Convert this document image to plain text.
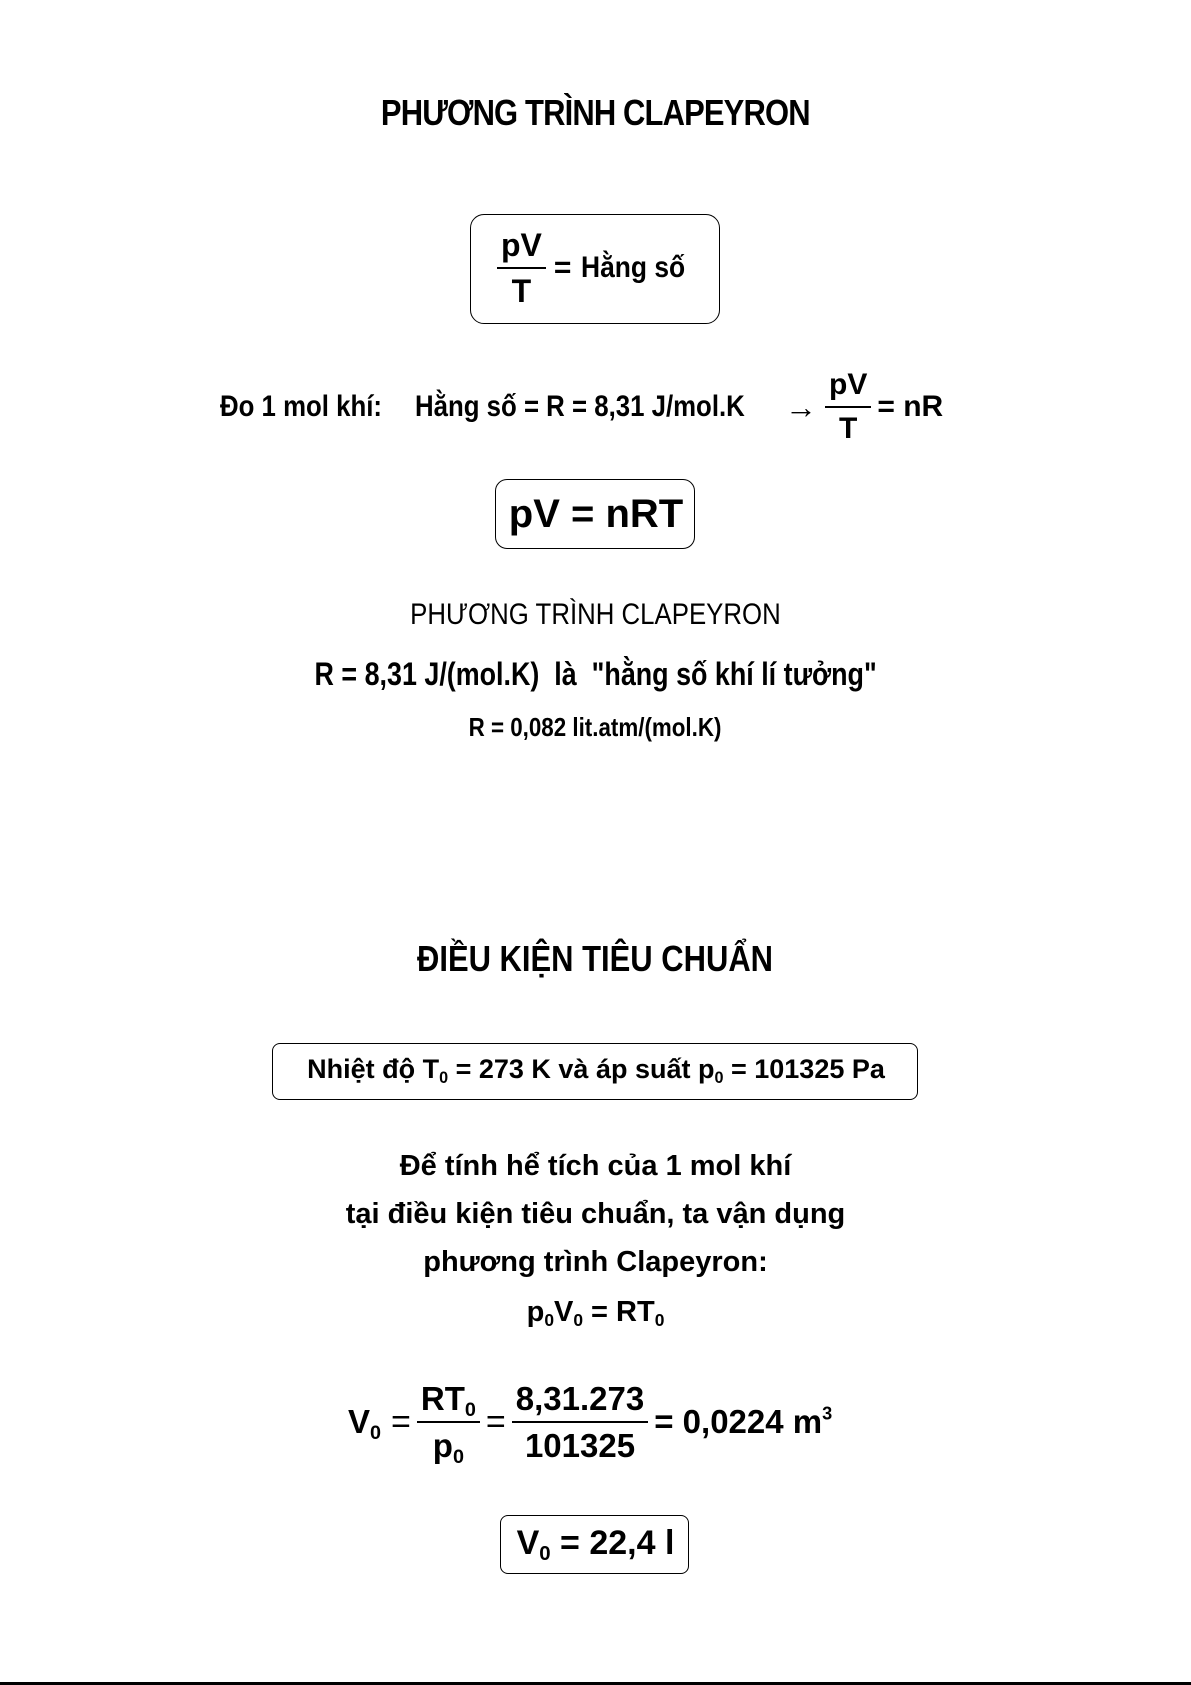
PHƯƠNG TRÌNH CLAPEYRON
$\frac{pV}{T}$ = Hằng số
Đo 1 mol khí: Hằng số = R = 8,31 $J/mol.K \to \frac{pV}{T}$ = nR
pV = nRT
PHƯƠNG TRÌNH CLAPEYRON
R = 8,31 J/(mol.K)  là  "hằng số khí lí tưởng"
R = 0,082 lit.atm/(mol.K)
ĐIỀU KIỆN TIÊU CHUẨN
Nhiệt độ $T_0 = 273$ K và áp suất $p_0 = 101325$ Pa
Để tính hể tích của 1 mol khí
tại điều kiện tiêu chuẩn, ta vận dụng
phương trình Clapeyron:
$p_0V_0 = RT_0$
$V_0 = \frac{RT_0}{p_0} = \frac{8,31.273}{101325} = 0,0224$ $m^3$
$V_0 = 22,4$ l
